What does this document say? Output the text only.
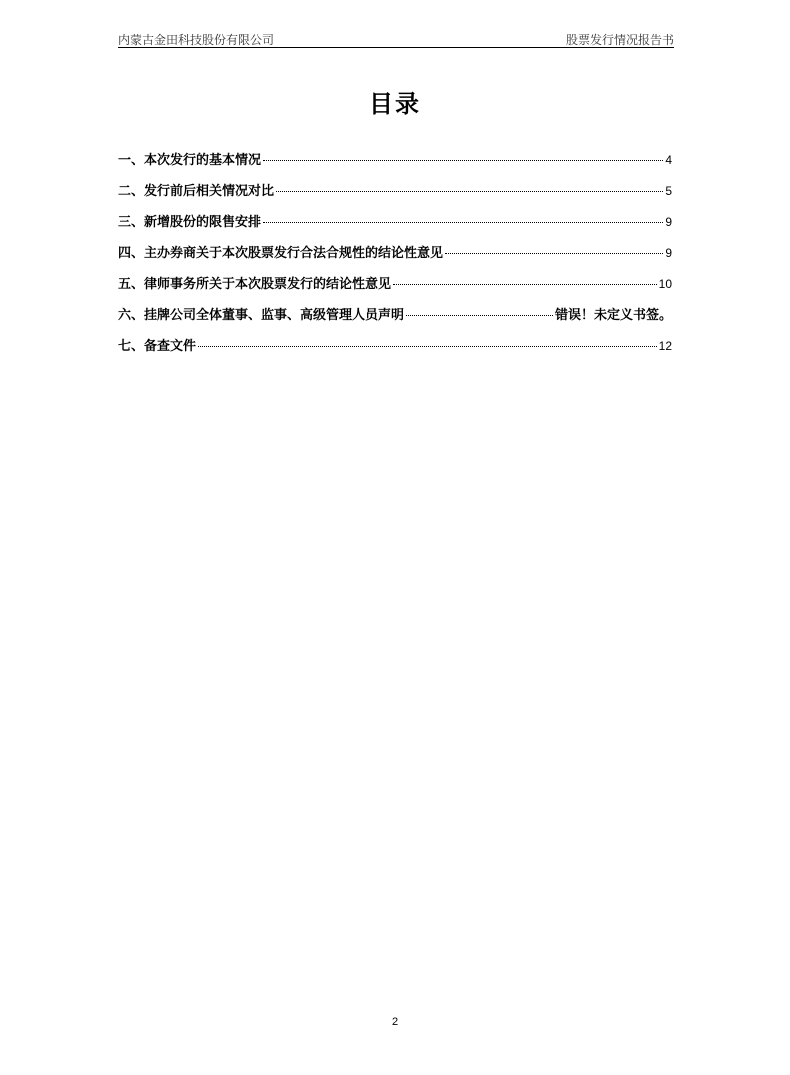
内蒙古金田科技股份有限公司	股票发行情况报告书
目录
一、本次发行的基本情况	4
二、发行前后相关情况对比	5
三、新增股份的限售安排	9
四、主办券商关于本次股票发行合法合规性的结论性意见	9
五、律师事务所关于本次股票发行的结论性意见	10
六、挂牌公司全体董事、监事、高级管理人员声明	错误！未定义书签。
七、备查文件	12
2
